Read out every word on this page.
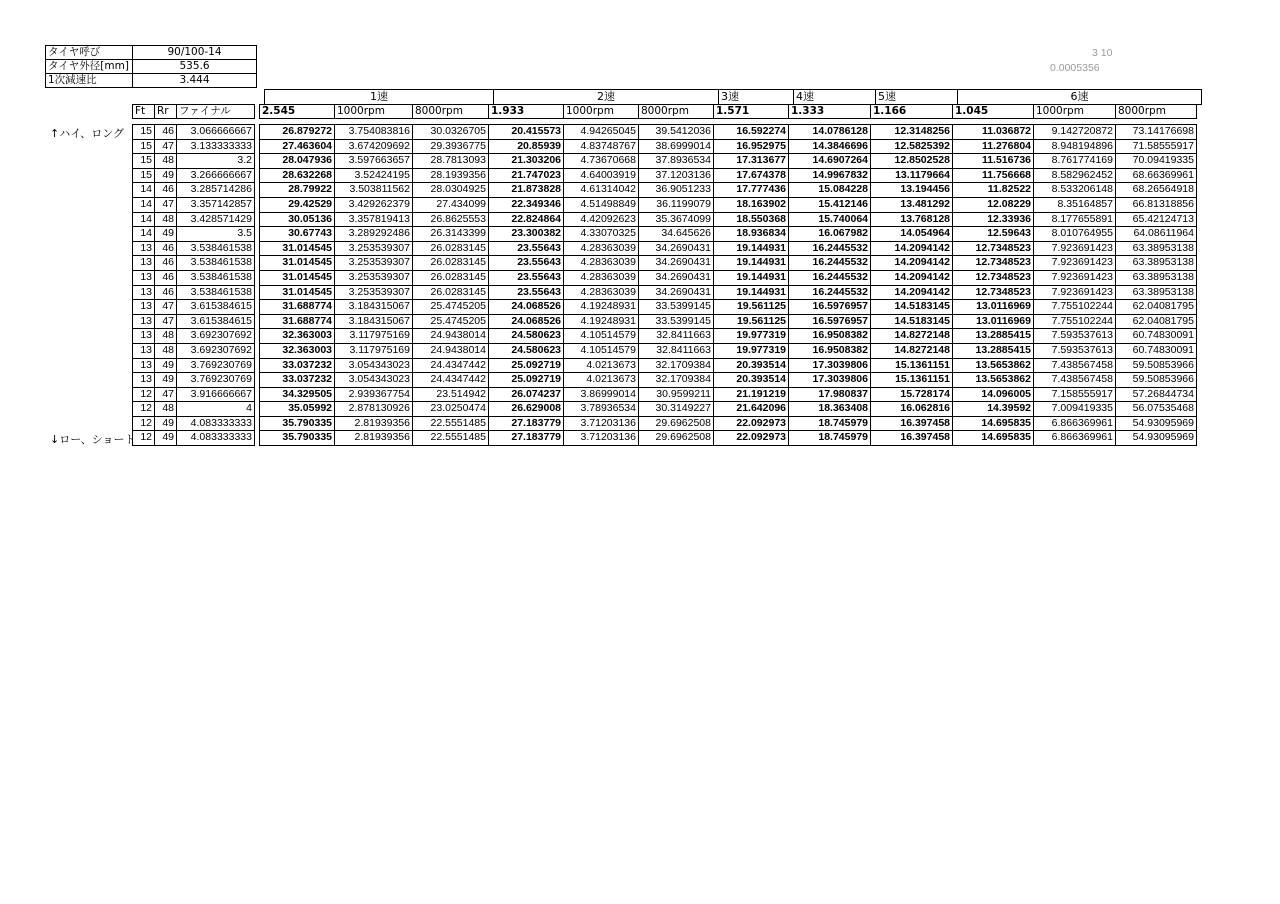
タイヤ呼び	90/100-14
タイヤ外径[mm]	535.6
1次減速比	3.444
3 10
0.0005356
1速	2速	3速	4速	5速	6速
Ft	Rr	ファイナル		2.545	1000rpm	8000rpm	1.933	1000rpm	8000rpm	1.571	1.333	1.166	1.045	1000rpm	8000rpm
15	46	3.066666667		26.879272	3.754083816	30.0326705	20.415573	4.94265045	39.5412036	16.592274	14.0786128	12.3148256	11.036872	9.142720872	73.14176698
15	47	3.133333333		27.463604	3.674209692	29.3936775	20.85939	4.83748767	38.6999014	16.952975	14.3846696	12.5825392	11.276804	8.948194896	71.58555917
15	48	3.2		28.047936	3.597663657	28.7813093	21.303206	4.73670668	37.8936534	17.313677	14.6907264	12.8502528	11.516736	8.761774169	70.09419335
15	49	3.266666667		28.632268	3.52424195	28.1939356	21.747023	4.64003919	37.1203136	17.674378	14.9967832	13.1179664	11.756668	8.582962452	68.66369961
14	46	3.285714286		28.79922	3.503811562	28.0304925	21.873828	4.61314042	36.9051233	17.777436	15.084228	13.194456	11.82522	8.533206148	68.26564918
14	47	3.357142857		29.42529	3.429262379	27.434099	22.349346	4.51498849	36.1199079	18.163902	15.412146	13.481292	12.08229	8.35164857	66.81318856
14	48	3.428571429		30.05136	3.357819413	26.8625553	22.824864	4.42092623	35.3674099	18.550368	15.740064	13.768128	12.33936	8.177655891	65.42124713
14	49	3.5		30.67743	3.289292486	26.3143399	23.300382	4.33070325	34.645626	18.936834	16.067982	14.054964	12.59643	8.010764955	64.08611964
13	46	3.538461538		31.014545	3.253539307	26.0283145	23.55643	4.28363039	34.2690431	19.144931	16.2445532	14.2094142	12.7348523	7.923691423	63.38953138
13	46	3.538461538		31.014545	3.253539307	26.0283145	23.55643	4.28363039	34.2690431	19.144931	16.2445532	14.2094142	12.7348523	7.923691423	63.38953138
13	46	3.538461538		31.014545	3.253539307	26.0283145	23.55643	4.28363039	34.2690431	19.144931	16.2445532	14.2094142	12.7348523	7.923691423	63.38953138
13	46	3.538461538		31.014545	3.253539307	26.0283145	23.55643	4.28363039	34.2690431	19.144931	16.2445532	14.2094142	12.7348523	7.923691423	63.38953138
13	47	3.615384615		31.688774	3.184315067	25.4745205	24.068526	4.19248931	33.5399145	19.561125	16.5976957	14.5183145	13.0116969	7.755102244	62.04081795
13	47	3.615384615		31.688774	3.184315067	25.4745205	24.068526	4.19248931	33.5399145	19.561125	16.5976957	14.5183145	13.0116969	7.755102244	62.04081795
13	48	3.692307692		32.363003	3.117975169	24.9438014	24.580623	4.10514579	32.8411663	19.977319	16.9508382	14.8272148	13.2885415	7.593537613	60.74830091
13	48	3.692307692		32.363003	3.117975169	24.9438014	24.580623	4.10514579	32.8411663	19.977319	16.9508382	14.8272148	13.2885415	7.593537613	60.74830091
13	49	3.769230769		33.037232	3.054343023	24.4347442	25.092719	4.0213673	32.1709384	20.393514	17.3039806	15.1361151	13.5653862	7.438567458	59.50853966
13	49	3.769230769		33.037232	3.054343023	24.4347442	25.092719	4.0213673	32.1709384	20.393514	17.3039806	15.1361151	13.5653862	7.438567458	59.50853966
12	47	3.916666667		34.329505	2.939367754	23.514942	26.074237	3.86999014	30.9599211	21.191219	17.980837	15.728174	14.096005	7.158555917	57.26844734
12	48	4		35.05992	2.878130926	23.0250474	26.629008	3.78936534	30.3149227	21.642096	18.363408	16.062816	14.39592	7.009419335	56.07535468
12	49	4.083333333		35.790335	2.81939356	22.5551485	27.183779	3.71203136	29.6962508	22.092973	18.745979	16.397458	14.695835	6.866369961	54.93095969
12	49	4.083333333		35.790335	2.81939356	22.5551485	27.183779	3.71203136	29.6962508	22.092973	18.745979	16.397458	14.695835	6.866369961	54.93095969
↑ハイ、ロング
↓ロー、ショート
